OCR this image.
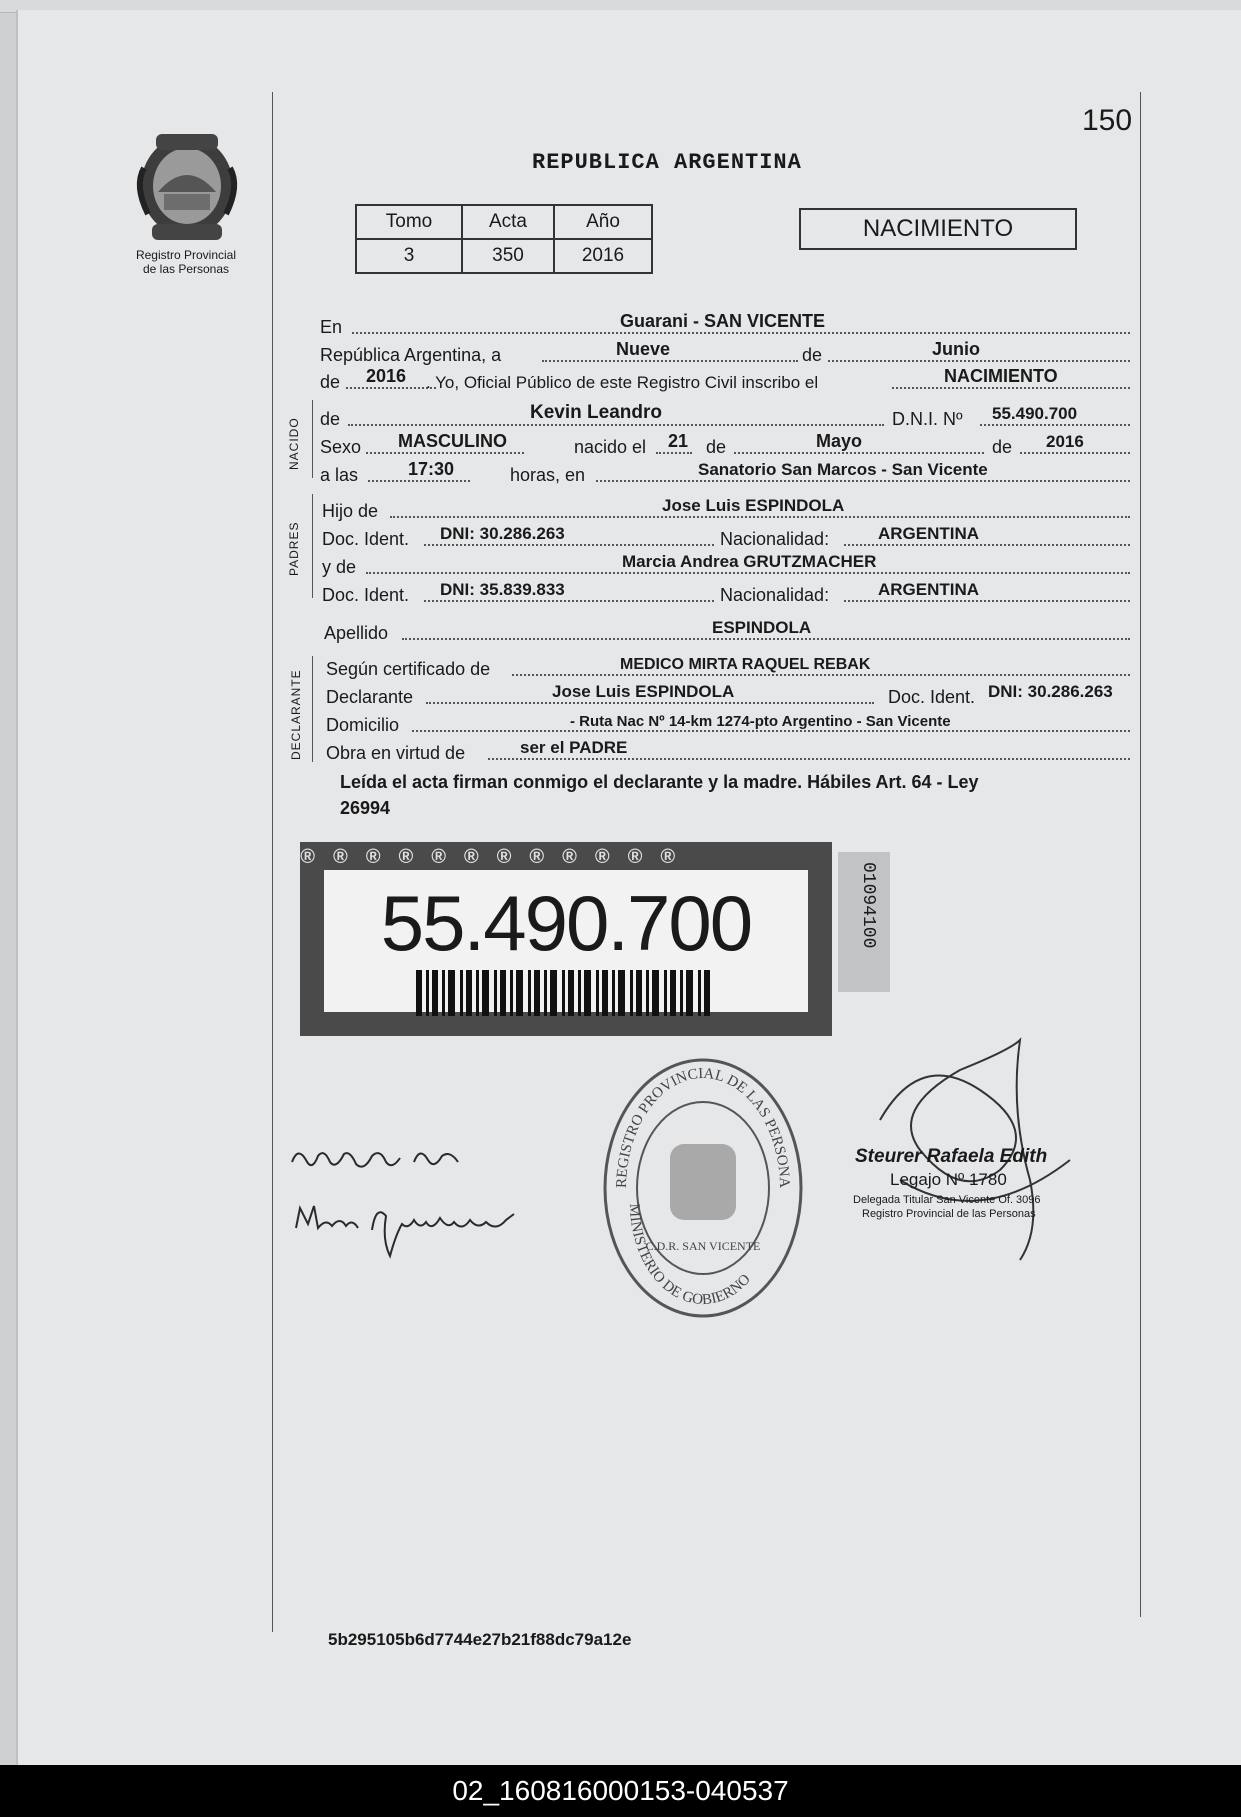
150
Registro Provincial
de las Personas
REPUBLICA ARGENTINA
Tomo	Acta	Año
3	350	2016
NACIMIENTO
En	Guarani - SAN VICENTE
República Argentina, a	Nueve	de	Junio
de 2016 . Yo, Oficial Público de este Registro Civil inscribo el	NACIMIENTO
NACIDO de	Kevin Leandro	D.N.I. Nº 55.490.700
Sexo MASCULINO	nacido el 21 de	Mayo	de 2016
a las	17:30	horas, en	Sanatorio San Marcos - San Vicente
PADRES
Hijo de	Jose Luis ESPINDOLA
Doc. Ident. DNI: 30.286.263	Nacionalidad:	ARGENTINA
y de	Marcia Andrea GRUTZMACHER
Doc. Ident. DNI: 35.839.833	Nacionalidad:	ARGENTINA
Apellido	ESPINDOLA
DECLARANTE
Según certificado de	MEDICO MIRTA RAQUEL REBAK
Declarante	Jose Luis ESPINDOLA	Doc. Ident. DNI: 30.286.263
Domicilio	- Ruta Nac Nº 14-km 1274-pto Argentino - San Vicente
Obra en virtud de	ser el PADRE
Leída el acta firman conmigo el declarante y la madre. Hábiles Art. 64 - Ley
26994
®®®®®®®®®®®®
55.490.700	01094100
REGISTRO PROVINCIAL DE LAS PERSONA
MINISTERIO DE GOBIERNO
C.D.R. SAN VICENTE
Steurer Rafaela Edith
Legajo Nº 1780
Delegada Titular San Vicente Of. 3096
Registro Provincial de las Personas
5b295105b6d7744e27b21f88dc79a12e
02_160816000153-040537
